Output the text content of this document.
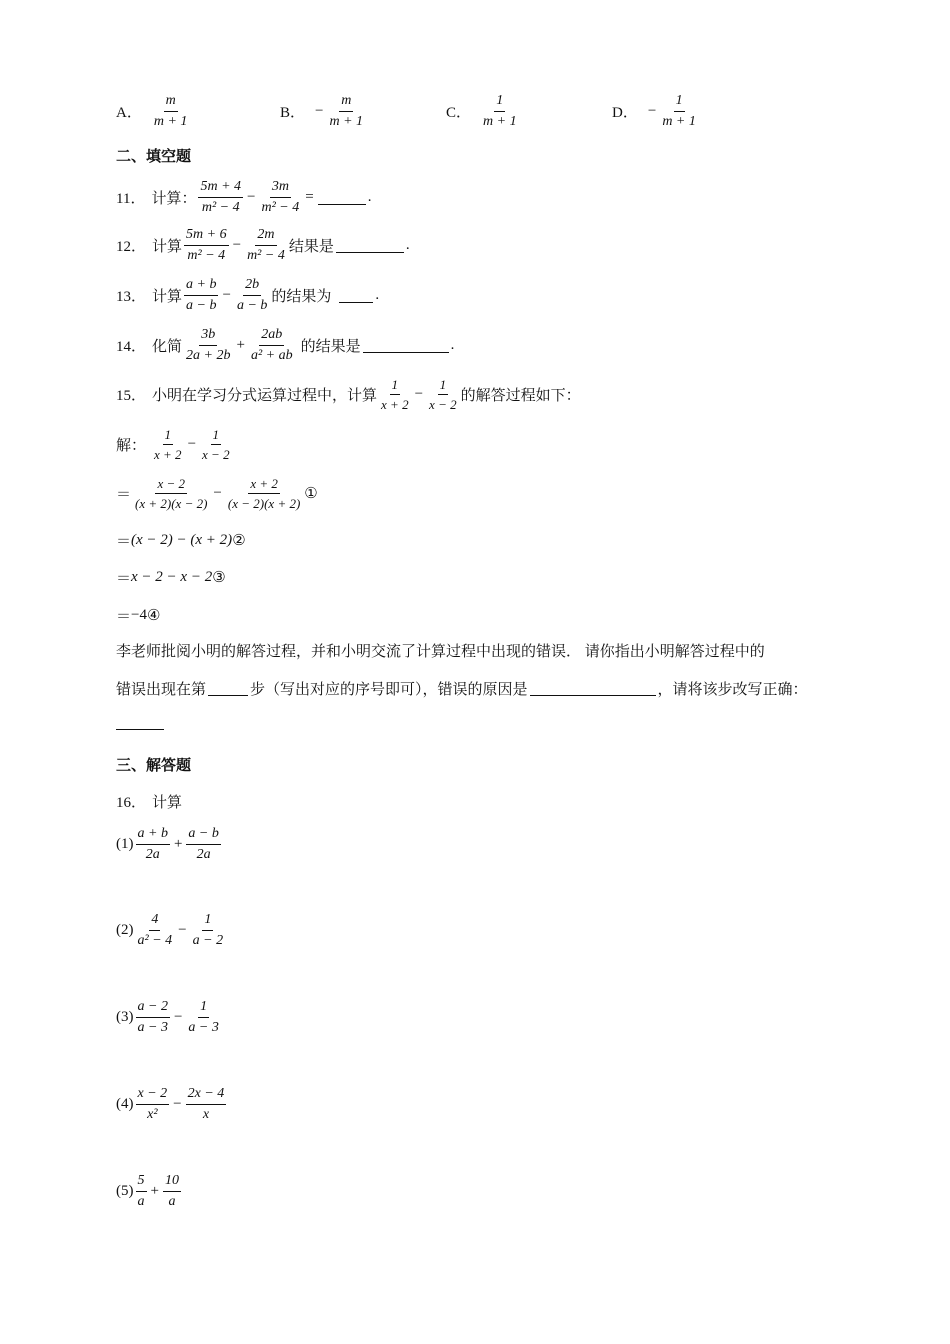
A． $\frac{m}{m + 1}$	B． − $\frac{m}{m + 1}$	C． $\frac{1}{m + 1}$	D． − $\frac{1}{m + 1}$
二、填空题
11． 计算： $\frac{5m + 4}{\text{m² − 4}} - \frac{3m}{\text{m² − 4}}$ =	.
12． 计算 $\frac{5m + 6}{\text{m² − 4}} - \frac{2m}{\text{m² − 4}}$ 结果是	.
13． 计算 $\frac{a + b}{a - b} - \frac{2b}{a - b}$ 的结果为	.
14． 化简 $\frac{3b}{2a + 2b} + \frac{2ab}{\text{a² + ab}}$ 的结果是	.
15． 小明在学习分式运算过程中，计算 $\frac{1}{x + 2} - \frac{1}{x - 2}$ 的解答过程如下：
解： $\frac{1}{x + 2} - \frac{1}{x - 2}$
＝ $\frac{x - 2}{(x + 2)(x - 2)} - \frac{x + 2}{(x - 2)(x + 2)}$ ①
＝ (x − 2) − (x + 2) ②
＝ x − 2 − x − 2 ③
＝ −4 ④
李老师批阅小明的解答过程，并和小明交流了计算过程中出现的错误． 请你指出小明解答过程中的
错误出现在第	步（写出对应的序号即可），错误的原因是	，请将该步改写正确：
三、解答题
16． 计算
$(1) \frac{a + b}{2a} + \frac{a - b}{2a}$
$(2) \frac{4}{\text{a² − 4}} - \frac{1}{a - 2}$
$(3) \frac{a - 2}{a - 3} - \frac{1}{a - 3}$
$(4) \frac{x - 2}{\text{x²}} - \frac{2x - 4}{x}$
$(5) \frac{5}{a} + \frac{10}{a}$
